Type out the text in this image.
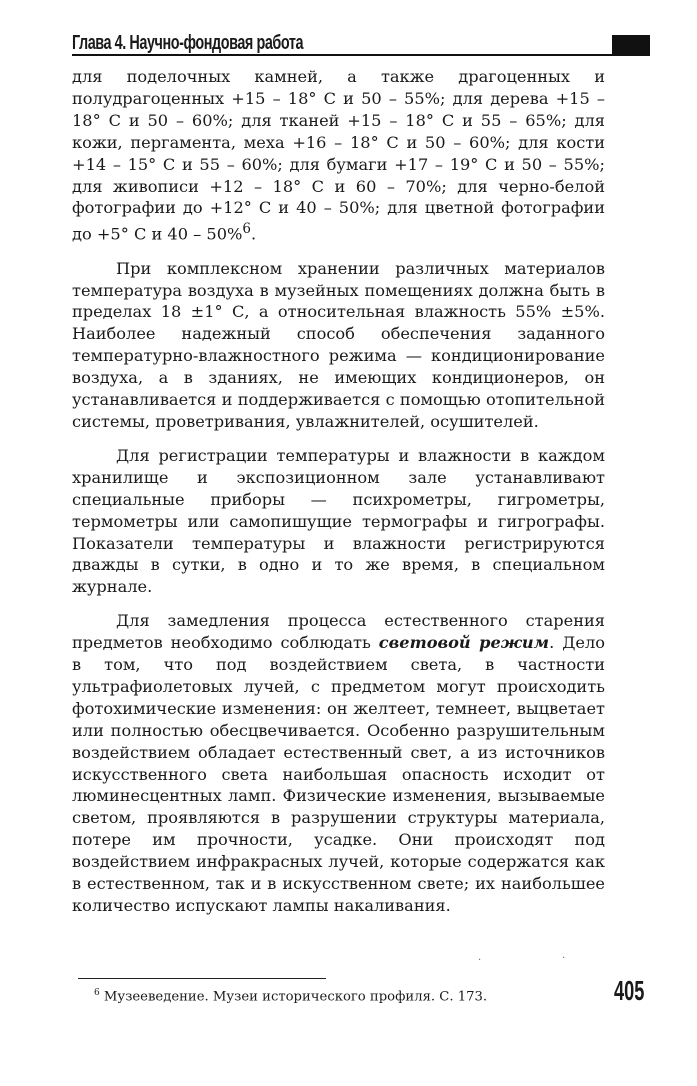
Глава 4. Научно-фондовая работа

для поделочных камней, а также драгоценных и полудрагоценных +15 – 18° С и 50 – 55%; для дерева +15 – 18° С и 50 – 60%; для тканей +15 – 18° С и 55 – 65%; для кожи, пергамента, меха +16 – 18° С и 50 – 60%; для кости +14 – 15° С и 55 – 60%; для бумаги +17 – 19° С и 50 – 55%; для живописи +12 – 18° С и 60 – 70%; для черно-белой фотографии до +12° С и 40 – 50%; для цветной фотографии до +5° С и 40 – 50%$^6$.

При комплексном хранении различных материалов температура воздуха в музейных помещениях должна быть в пределах 18 ±1° С, а относительная влажность 55% ±5%. Наиболее надежный способ обеспечения заданного температурно-влажностного режима — кондиционирование воздуха, а в зданиях, не имеющих кондиционеров, он устанавливается и поддерживается с помощью отопительной системы, проветривания, увлажнителей, осушителей.

Для регистрации температуры и влажности в каждом хранилище и экспозиционном зале устанавливают специальные приборы — психрометры, гигрометры, термометры или самопишущие термографы и гигрографы. Показатели температуры и влажности регистрируются дважды в сутки, в одно и то же время, в специальном журнале.

Для замедления процесса естественного старения предметов необходимо соблюдать световой режим. Дело в том, что под воздействием света, в частности ультрафиолетовых лучей, с предметом могут происходить фотохимические изменения: он желтеет, темнеет, выцветает или полностью обесцвечивается. Особенно разрушительным воздействием обладает естественный свет, а из источников искусственного света наибольшая опасность исходит от люминесцентных ламп. Физические изменения, вызываемые светом, проявляются в разрушении структуры материала, потере им прочности, усадке. Они происходят под воздействием инфракрасных лучей, которые содержатся как в естественном, так и в искусственном свете; их наибольшее количество испускают лампы накаливания.

.	.
$^6$ Музееведение. Музеи исторического профиля. С. 173.	405
